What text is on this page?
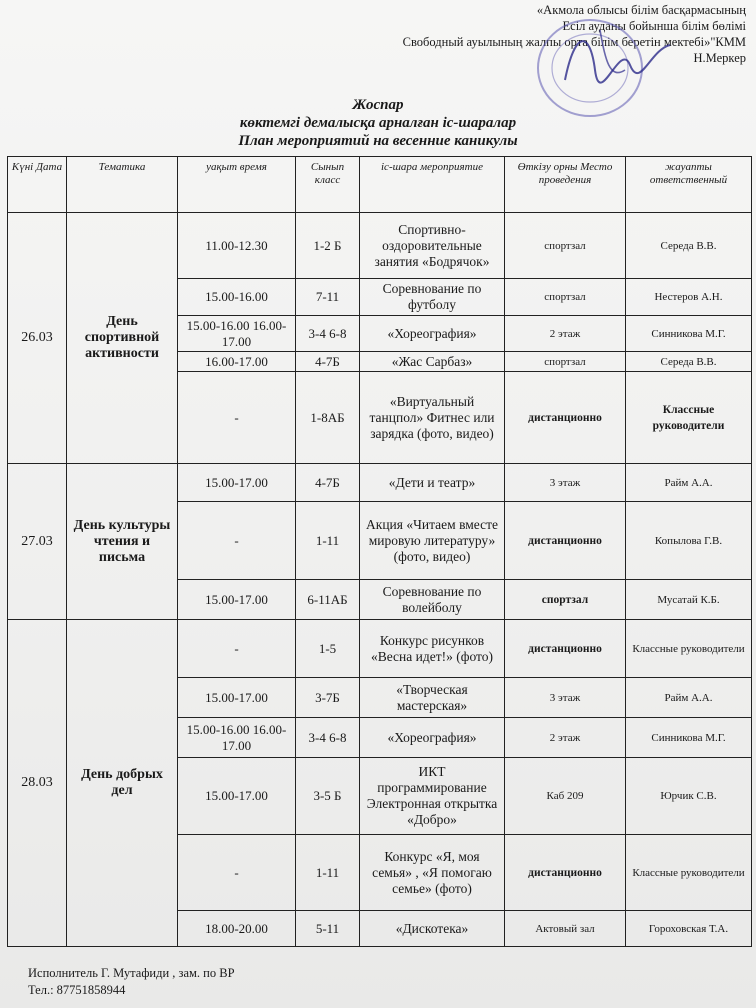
«Акмола облысы білім басқармасының
Есіл ауданы бойынша білім бөлімі
Свободный ауылының жалпы орта білім беретін мектебі»"КММ
Н.Меркер
Жоспар
көктемгі демалысқа арналған іс-шаралар
План мероприятий на весенние каникулы
Күні Дата	Тематика	уақыт время	Сынып класс	іс-шара мероприятие	Өткізу орны Место проведения	жауапты ответственный
26.03	День спортивной активности	11.00-12.30	1-2 Б	Спортивно-оздоровительные занятия «Бодрячок»	спортзал	Середа В.В.
		15.00-16.00	7-11	Соревнование по футболу	спортзал	Нестеров А.Н.
		15.00-16.00 16.00-17.00	3-4 6-8	«Хореография»	2 этаж	Синникова М.Г.
		16.00-17.00	4-7Б	«Жас Сарбаз»	спортзал	Середа В.В.
		-	1-8АБ	«Виртуальный танцпол» Фитнес или зарядка (фото, видео)	дистанционно	Классные руководители
27.03	День культуры чтения и письма	15.00-17.00	4-7Б	«Дети и театр»	3 этаж	Райм А.А.
		-	1-11	Акция «Читаем вместе мировую литературу» (фото, видео)	дистанционно	Копылова Г.В.
		15.00-17.00	6-11АБ	Соревнование по волейболу	спортзал	Мусатай К.Б.
28.03	День добрых дел	-	1-5	Конкурс рисунков «Весна идет!» (фото)	дистанционно	Классные руководители
		15.00-17.00	3-7Б	«Творческая мастерская»	3 этаж	Райм А.А.
		15.00-16.00 16.00-17.00	3-4 6-8	«Хореография»	2 этаж	Синникова М.Г.
		15.00-17.00	3-5 Б	ИКТ программирование Электронная открытка «Добро»	Каб 209	Юрчик С.В.
		-	1-11	Конкурс «Я, моя семья» , «Я помогаю семье» (фото)	дистанционно	Классные руководители
		18.00-20.00	5-11	«Дискотека»	Актовый зал	Гороховская Т.А.
Исполнитель Г. Мутафиди , зам. по ВР
Тел.: 87751858944
